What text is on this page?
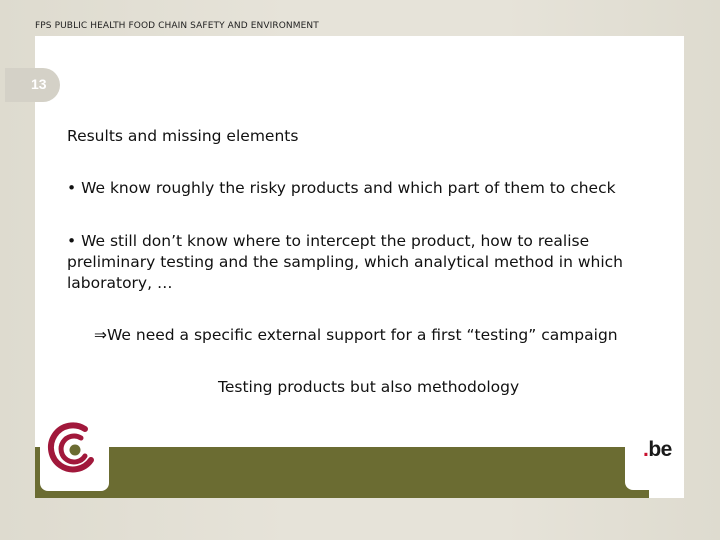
FPS PUBLIC HEALTH FOOD CHAIN SAFETY AND ENVIRONMENT
13
Results and missing elements
• We know roughly the risky products and which part of them to check
• We still don’t know where to intercept the product, how to realise preliminary testing and the sampling, which analytical method in which laboratory, …
⇒We need a specific external support for a first “testing” campaign
Testing products but also methodology
.be
